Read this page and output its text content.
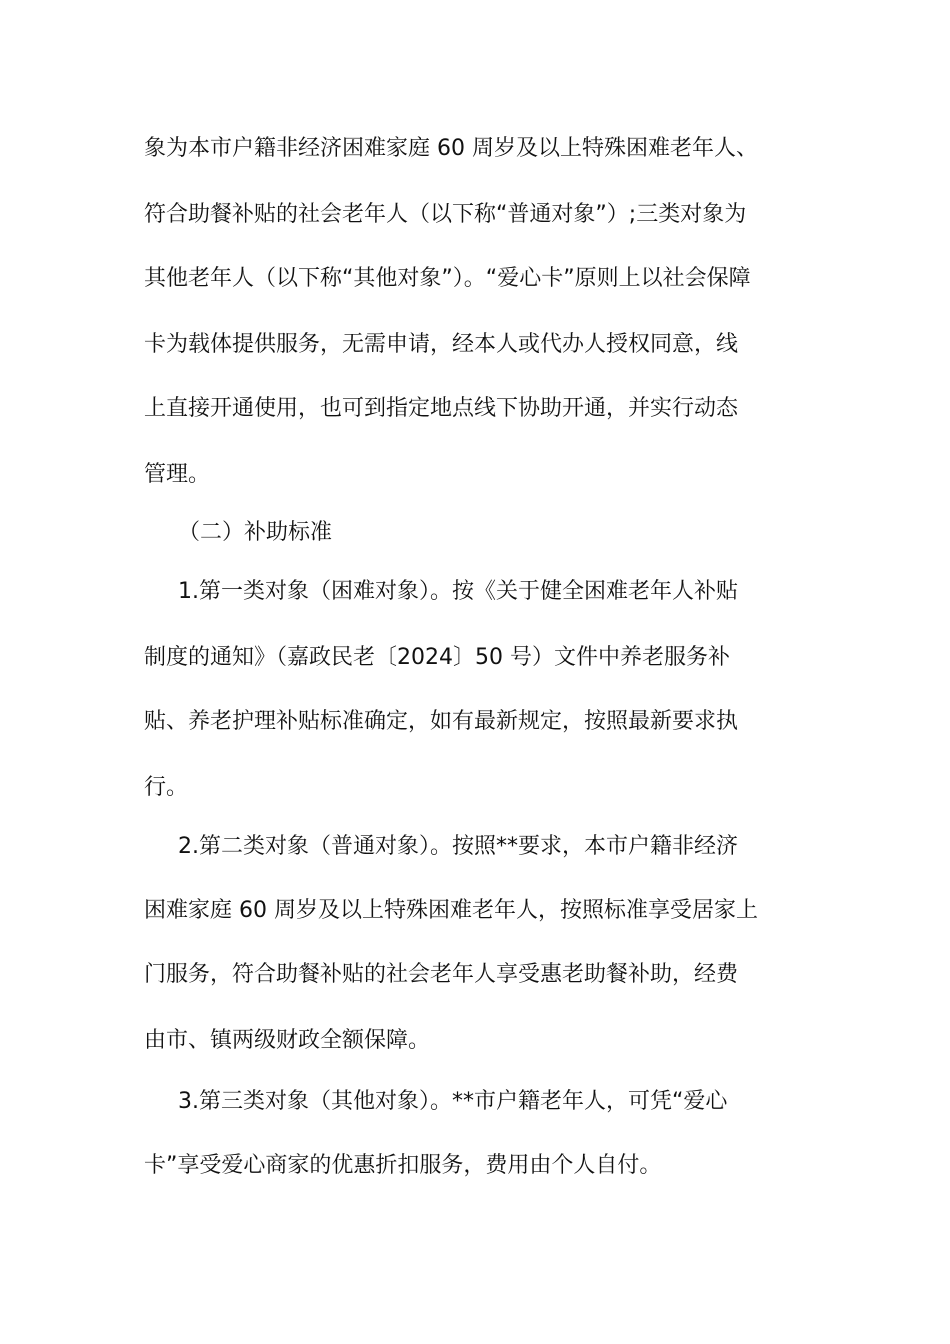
象为本市户籍非经济困难家庭 60 周岁及以上特殊困难老年人、
符合助餐补贴的社会老年人（以下称“普通对象”）;三类对象为
其他老年人（以下称“其他对象”）。“爱心卡”原则上以社会保障
卡为载体提供服务，无需申请，经本人或代办人授权同意，线
上直接开通使用，也可到指定地点线下协助开通，并实行动态
管理。
（二）补助标准
1.第一类对象（困难对象）。按《关于健全困难老年人补贴
制度的通知》（嘉政民老〔2024〕50 号）文件中养老服务补
贴、养老护理补贴标准确定，如有最新规定，按照最新要求执
行。
2.第二类对象（普通对象）。按照**要求，本市户籍非经济
困难家庭 60 周岁及以上特殊困难老年人，按照标准享受居家上
门服务，符合助餐补贴的社会老年人享受惠老助餐补助，经费
由市、镇两级财政全额保障。
3.第三类对象（其他对象）。**市户籍老年人，可凭“爱心
卡”享受爱心商家的优惠折扣服务，费用由个人自付。
